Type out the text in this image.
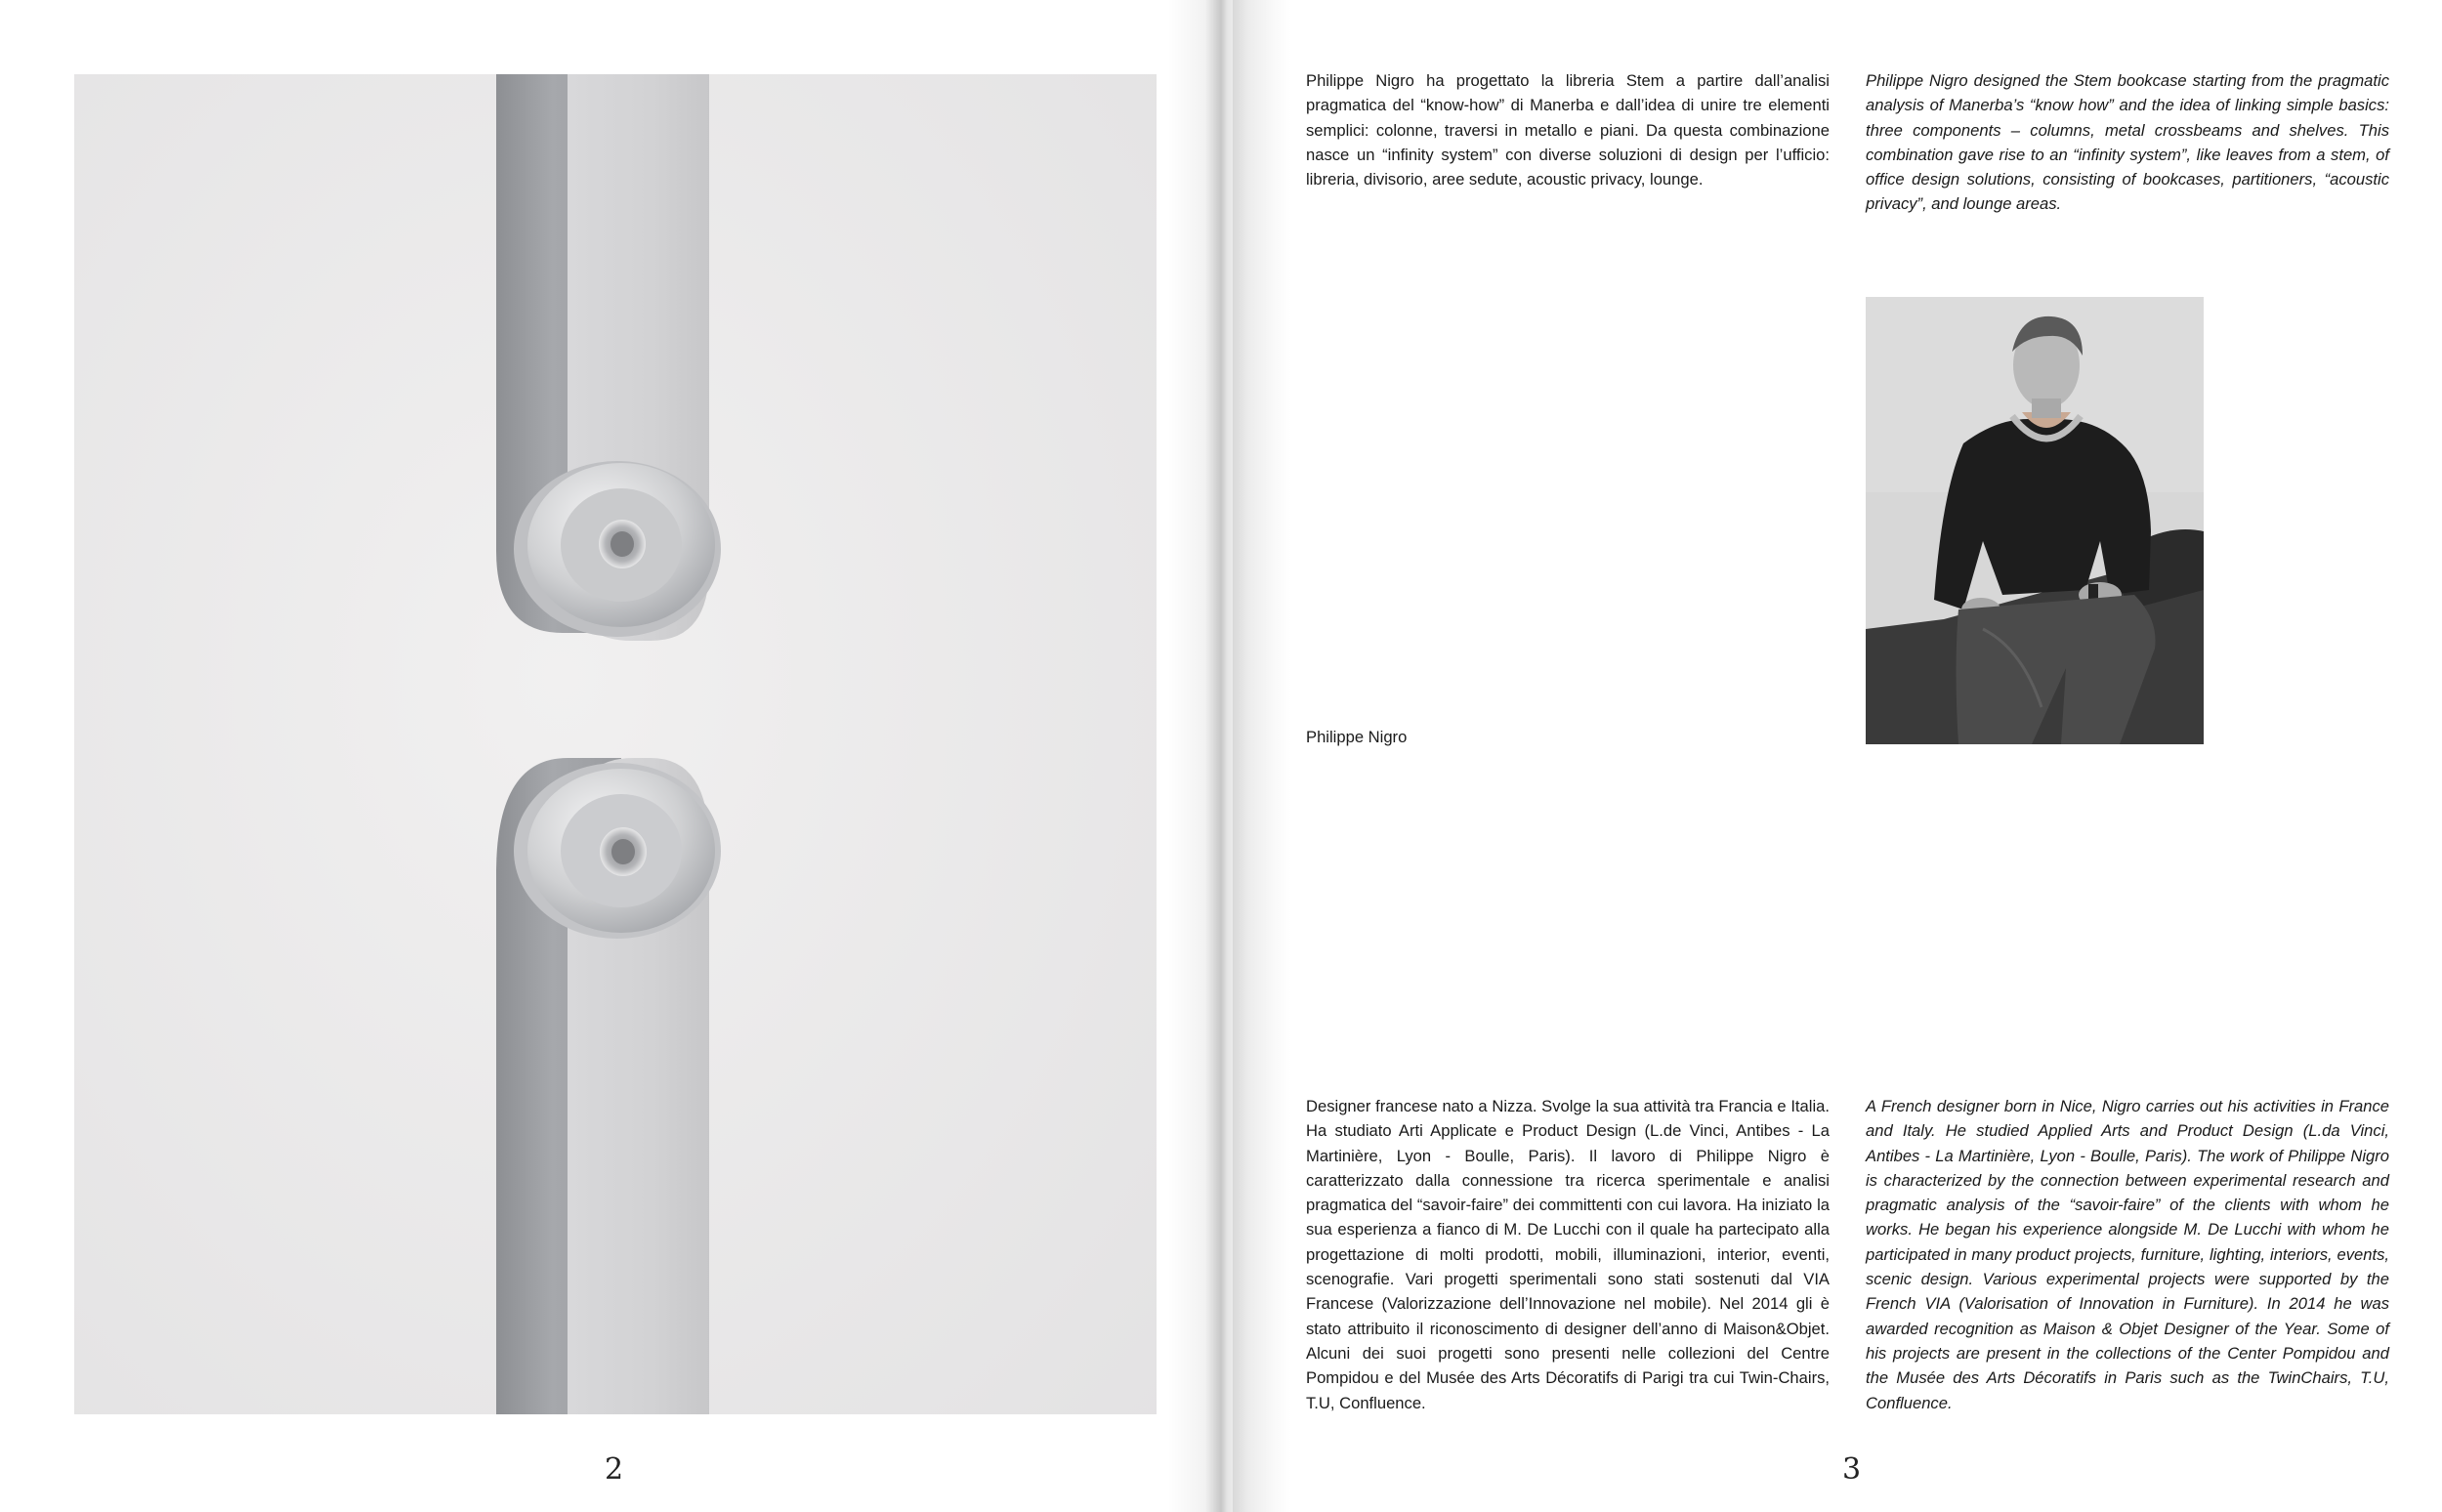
2

Philippe Nigro ha progettato la libreria Stem a partire dall’analisi pragmatica del “know-how” di Manerba e dall’idea di unire tre elementi semplici: colonne, traversi in metallo e piani. Da questa combinazione nasce un “infinity system” con diverse soluzioni di design per l’ufficio: libreria, divisorio, aree sedute, acoustic privacy, lounge.

Philippe Nigro designed the Stem bookcase starting from the pragmatic analysis of Manerba’s “know how” and the idea of linking simple basics: three components – columns, metal crossbeams and shelves. This combination gave rise to an “infinity system”, like leaves from a stem, of office design solutions, consisting of bookcases, partitioners, “acoustic privacy”, and lounge areas.

Philippe Nigro

Designer francese nato a Nizza. Svolge la sua attività tra Francia e Italia. Ha studiato Arti Applicate e Product Design (L.de Vinci, Antibes - La Martinière, Lyon - Boulle, Paris). Il lavoro di Philippe Nigro è caratterizzato dalla connessione tra ricerca sperimentale e analisi pragmatica del “savoir-faire” dei committenti con cui lavora. Ha iniziato la sua esperienza a fianco di M. De Lucchi con il quale ha partecipato alla progettazione di molti prodotti, mobili, illuminazioni, interior, eventi, scenografie. Vari progetti sperimentali sono stati sostenuti dal VIA Francese (Valorizzazione dell’Innovazione nel mobile). Nel 2014 gli è stato attribuito il riconoscimento di designer dell’anno di Maison&Objet. Alcuni dei suoi progetti sono presenti nelle collezioni del Centre Pompidou e del Musée des Arts Décoratifs di Parigi tra cui Twin-Chairs, T.U, Confluence.

A French designer born in Nice, Nigro carries out his activities in France and Italy. He studied Applied Arts and Product Design (L.da Vinci, Antibes - La Martinière, Lyon - Boulle, Paris). The work of Philippe Nigro is characterized by the connection between experimental research and pragmatic analysis of the “savoir-faire” of the clients with whom he works. He began his experience alongside M. De Lucchi with whom he participated in many product projects, furniture, lighting, interiors, events, scenic design. Various experimental projects were supported by the French VIA (Valorisation of Innovation in Furniture). In 2014 he was awarded recognition as Maison & Objet Designer of the Year. Some of his projects are present in the collections of the Center Pompidou and the Musée des Arts Décoratifs in Paris such as the TwinChairs, T.U, Confluence.

3
